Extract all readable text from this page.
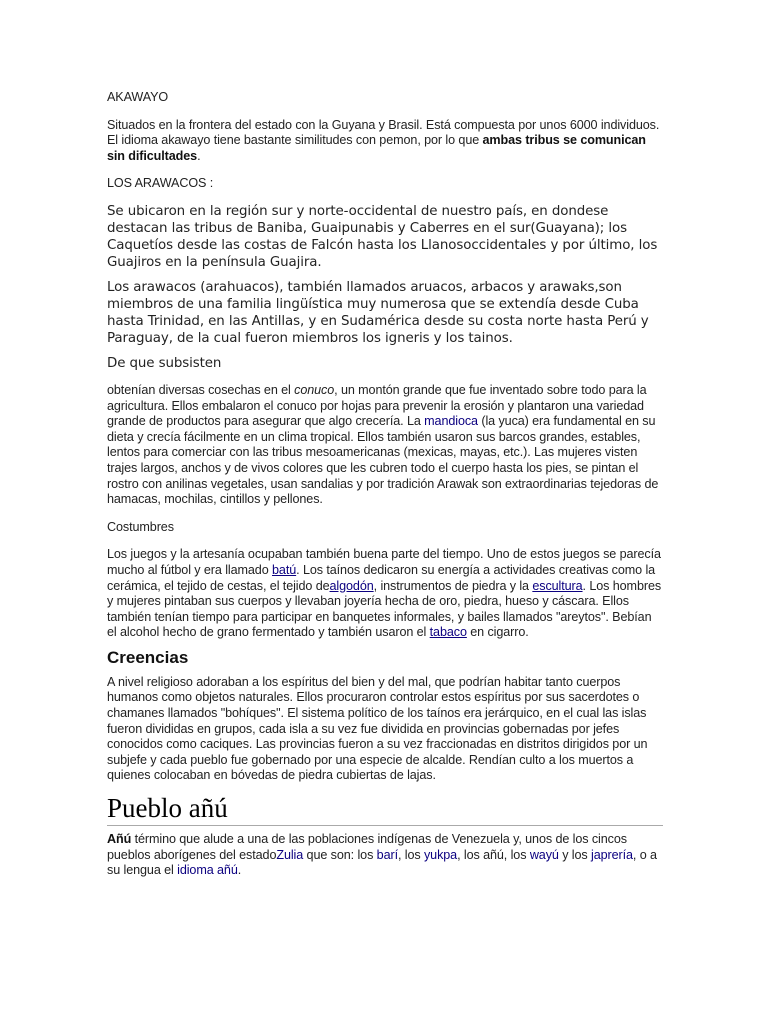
AKAWAYO

Situados en la frontera del estado con la Guyana y Brasil. Está compuesta por unos 6000 individuos. El idioma akawayo tiene bastante similitudes con pemon, por lo que ambas tribus se comunican sin dificultades.

LOS ARAWACOS :

Se ubicaron en la región sur y norte-occidental de nuestro país, en dondese destacan las tribus de Baniba, Guaipunabis y Caberres en el sur(Guayana); los Caquetíos desde las costas de Falcón hasta los Llanosoccidentales y por último, los Guajiros en la península Guajira.

Los arawacos (arahuacos), también llamados aruacos, arbacos y arawaks,son miembros de una familia lingüística muy numerosa que se extendía desde Cuba hasta Trinidad, en las Antillas, y en Sudamérica desde su costa norte hasta Perú y Paraguay, de la cual fueron miembros los igneris y los tainos.

De que subsisten

obtenían diversas cosechas en el conuco, un montón grande que fue inventado sobre todo para la agricultura. Ellos embalaron el conuco por hojas para prevenir la erosión y plantaron una variedad grande de productos para asegurar que algo crecería. La mandioca (la yuca) era fundamental en su dieta y crecía fácilmente en un clima tropical. Ellos también usaron sus barcos grandes, estables, lentos para comerciar con las tribus mesoamericanas (mexicas, mayas, etc.). Las mujeres visten trajes largos, anchos y de vivos colores que les cubren todo el cuerpo hasta los pies, se pintan el rostro con anilinas vegetales, usan sandalias y por tradición Arawak son extraordinarias tejedoras de hamacas, mochilas, cintillos y pellones.

Costumbres

Los juegos y la artesanía ocupaban también buena parte del tiempo. Uno de estos juegos se parecía mucho al fútbol y era llamado batú. Los taínos dedicaron su energía a actividades creativas como la cerámica, el tejido de cestas, el tejido dealgodón, instrumentos de piedra y la escultura. Los hombres y mujeres pintaban sus cuerpos y llevaban joyería hecha de oro, piedra, hueso y cáscara. Ellos también tenían tiempo para participar en banquetes informales, y bailes llamados "areytos". Bebían el alcohol hecho de grano fermentado y también usaron el tabaco en cigarro.

Creencias

A nivel religioso adoraban a los espíritus del bien y del mal, que podrían habitar tanto cuerpos humanos como objetos naturales. Ellos procuraron controlar estos espíritus por sus sacerdotes o chamanes llamados "bohíques". El sistema político de los taínos era jerárquico, en el cual las islas fueron divididas en grupos, cada isla a su vez fue dividida en provincias gobernadas por jefes conocidos como caciques. Las provincias fueron a su vez fraccionadas en distritos dirigidos por un subjefe y cada pueblo fue gobernado por una especie de alcalde. Rendían culto a los muertos a quienes colocaban en bóvedas de piedra cubiertas de lajas.

Pueblo añú

Añú término que alude a una de las poblaciones indígenas de Venezuela y, unos de los cincos pueblos aborígenes del estadoZulia que son: los barí, los yukpa, los añú, los wayú y los japrería, o a su lengua el idioma añú.
